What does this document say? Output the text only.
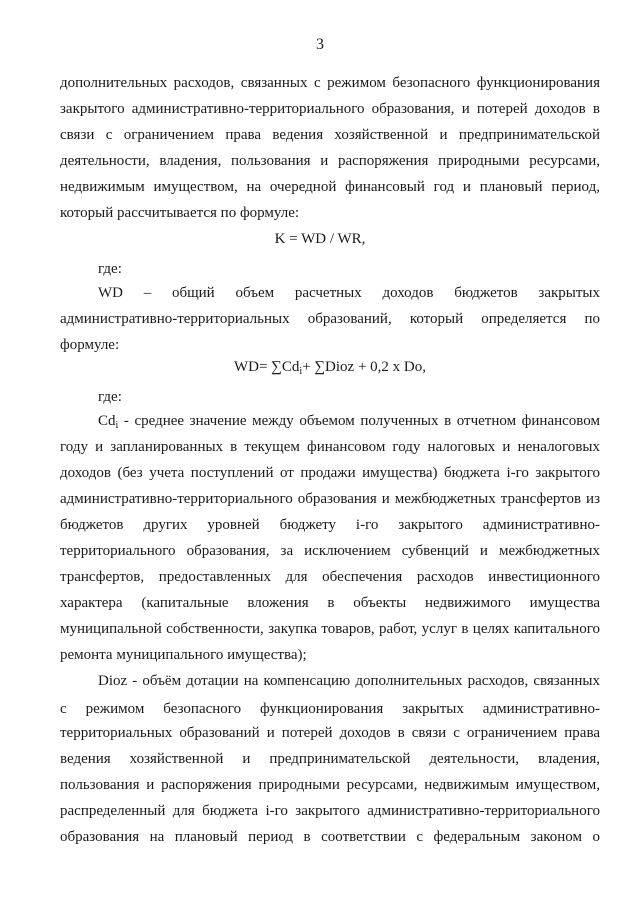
3
дополнительных расходов, связанных с режимом безопасного функционирования
закрытого административно-территориального образования, и потерей доходов в
связи с ограничением права ведения хозяйственной и предпринимательской
деятельности, владения, пользования и распоряжения природными ресурсами,
недвижимым имуществом, на очередной финансовый год и плановый период,
который рассчитывается по формуле:
K = WD / WR,
где:
WD – общий объем расчетных доходов бюджетов закрытых
административно-территориальных образований, который определяется по
формуле:
$WD= \sum Cd_i+$ ∑Dioz + 0,2 x Do,
где:
$Cd_i$ - среднее значение между объемом полученных в отчетном финансовом
году и запланированных в текущем финансовом году налоговых и неналоговых
доходов (без учета поступлений от продажи имущества) бюджета i-го закрытого
административно-территориального образования и межбюджетных трансфертов из
бюджетов других уровней бюджету i-го закрытого административно-
территориального образования, за исключением субвенций и межбюджетных
трансфертов, предоставленных для обеспечения расходов инвестиционного
характера (капитальные вложения в объекты недвижимого имущества
муниципальной собственности, закупка товаров, работ, услуг в целях капитального
ремонта муниципального имущества);
Dioz - объём дотации на компенсацию дополнительных расходов, связанных
с режимом безопасного функционирования закрытых административно-
территориальных образований и потерей доходов в связи с ограничением права
ведения хозяйственной и предпринимательской деятельности, владения,
пользования и распоряжения природными ресурсами, недвижимым имуществом,
распределенный для бюджета i-го закрытого административно-территориального
образования на плановый период в соответствии с федеральным законом о
